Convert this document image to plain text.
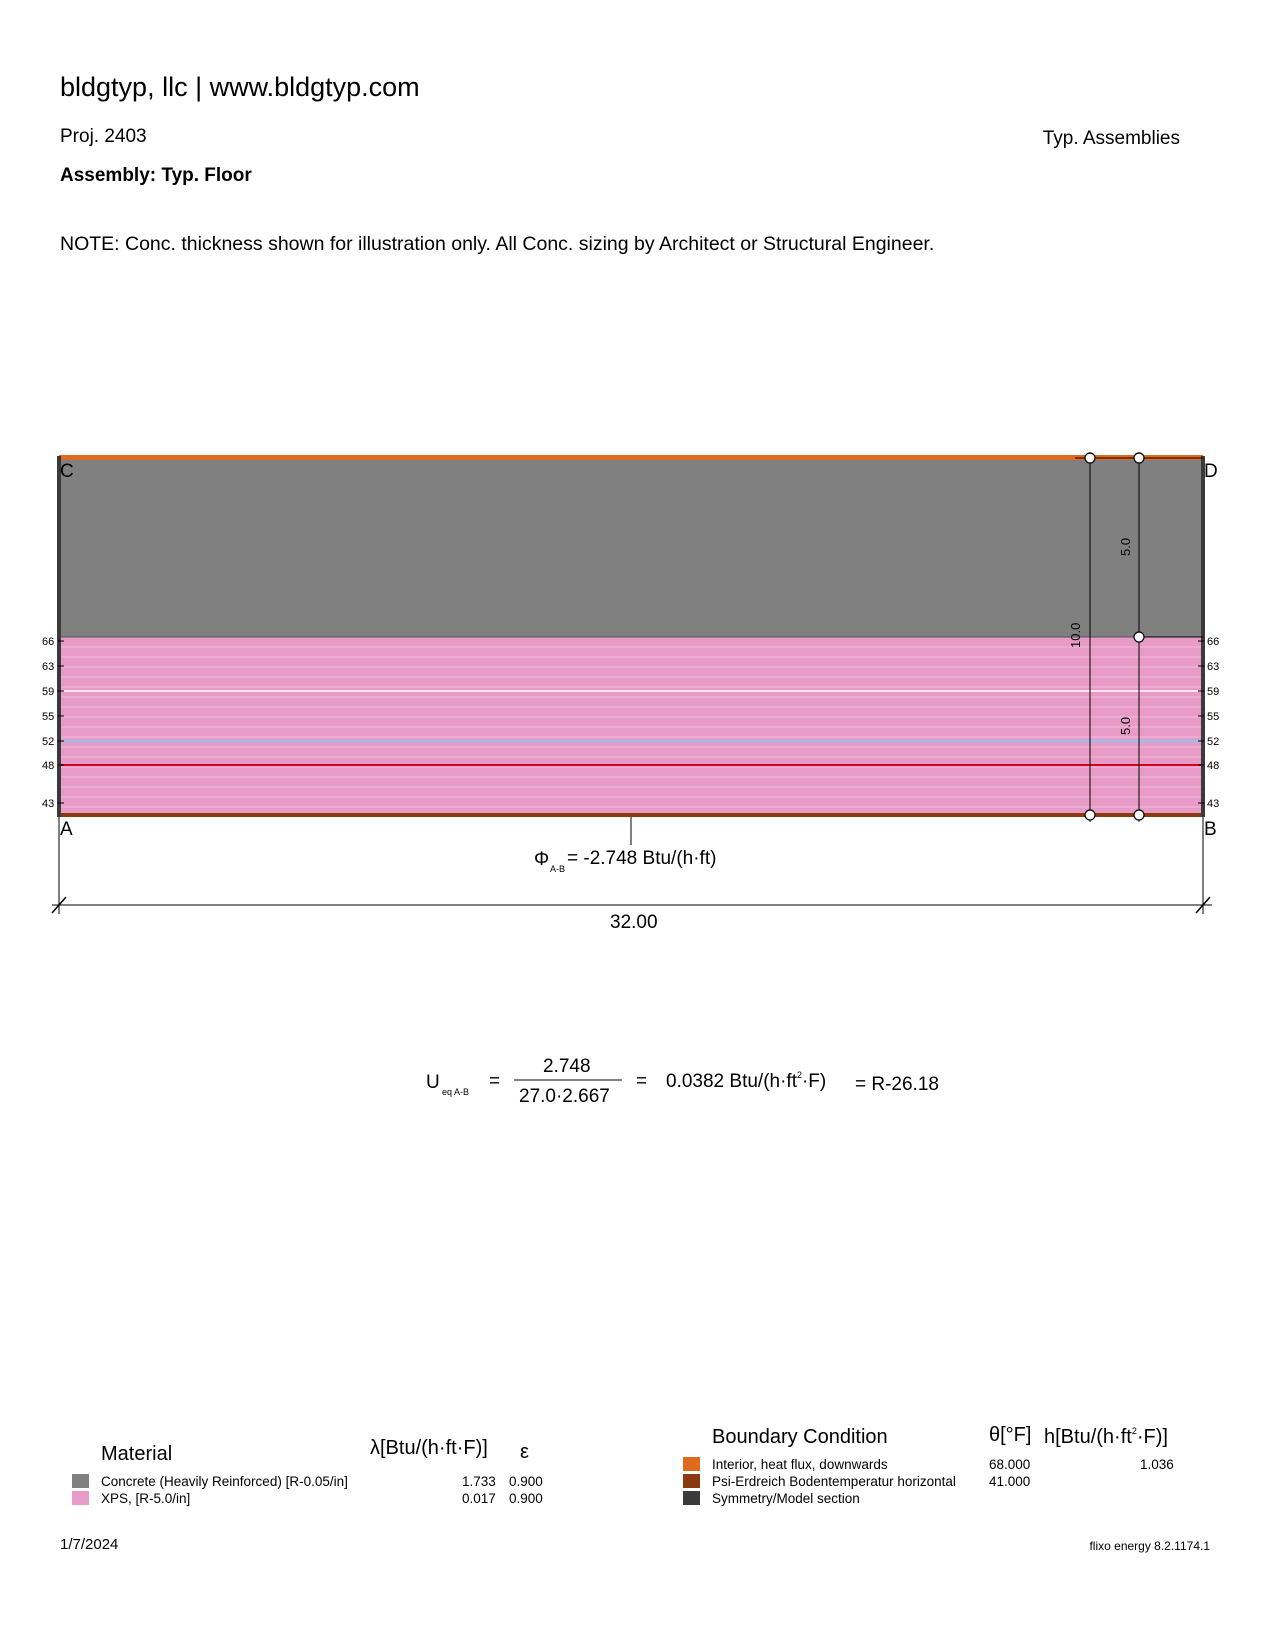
bldgtyp, llc | www.bldgtyp.com
Proj. 2403	Typ. Assemblies
Assembly: Typ. Floor
NOTE: Conc. thickness shown for illustration only. All Conc. sizing by Architect or Structural Engineer.
66
63
59
55
52
48
43
66
63
59
55
52
48
43
C	D
A	B
10.0
5.0
5.0
Φ A-B = -2.748 Btu/(h·ft)
32.00
U eq A-B =
2.748
27.0·2.667
= 0.0382 Btu/$(h\cdot ft^2\cdot F) = R-26.18$
Material	λ[Btu/(h·ft·F)] ε
Concrete (Heavily Reinforced) [R-0.05/in]	1.733 0.900
XPS, [R-5.0/in]	0.017 0.900
Boundary Condition	θ[°F] $h[Btu/(h\cdot ft^2\cdot F)]$
Interior, heat flux, downwards	68.000	1.036
Psi-Erdreich Bodentemperatur horizontal 41.000
Symmetry/Model section
1/7/2024	flixo energy 8.2.1174.1
